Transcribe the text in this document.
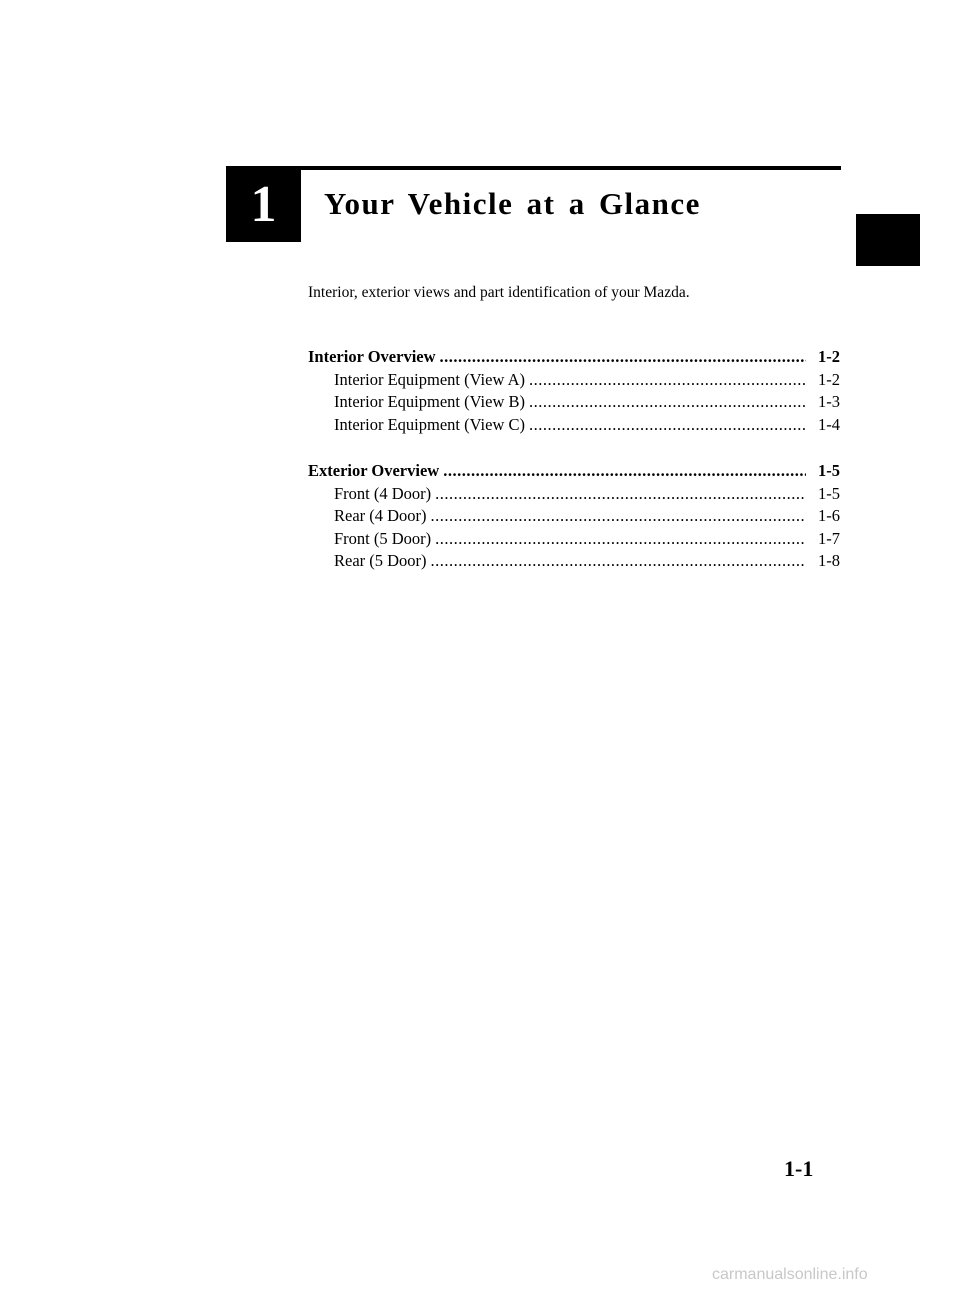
1	Your Vehicle at a Glance
Interior, exterior views and part identification of your Mazda.
Interior Overview .....	1-2
Interior Equipment (View A) .....	1-2
Interior Equipment (View B) .....	1-3
Interior Equipment (View C) .....	1-4
Exterior Overview .....	1-5
Front (4 Door) .....	1-5
Rear (4 Door) .....	1-6
Front (5 Door) .....	1-7
Rear (5 Door) .....	1-8
1-1
carmanualsonline.info
